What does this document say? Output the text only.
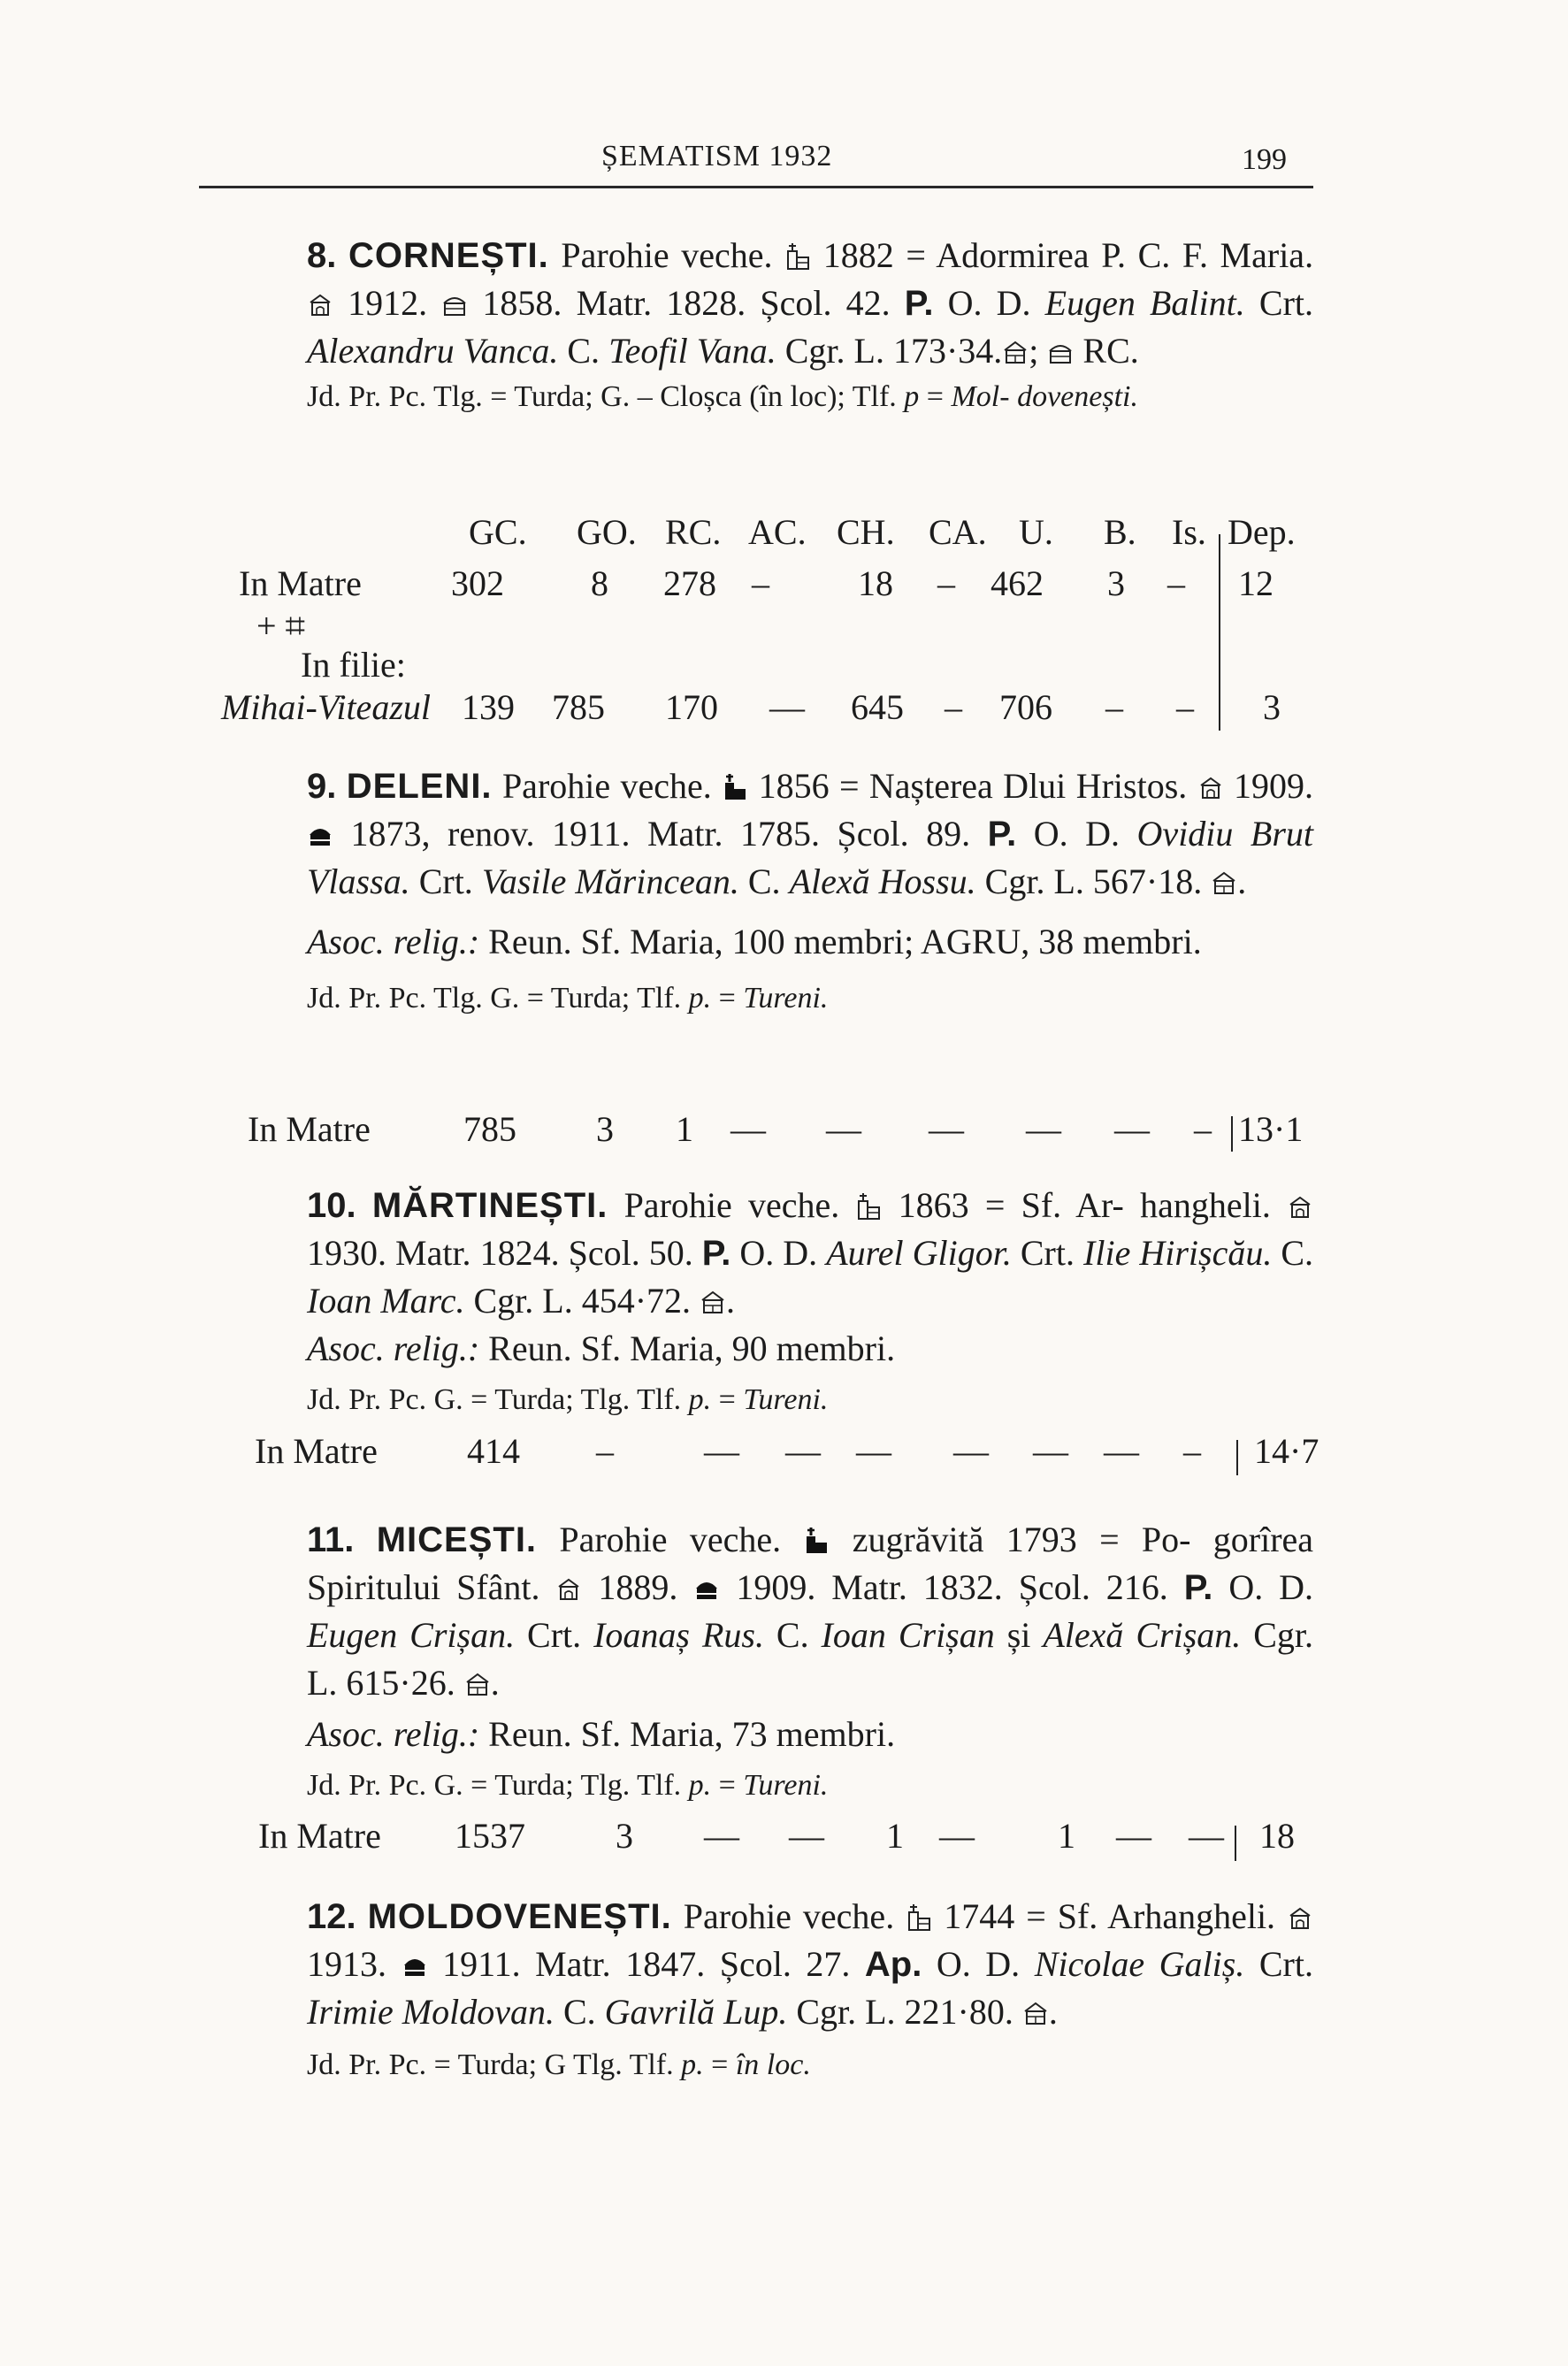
ȘEMATISM 1932	199

8. CORNEȘTI. Parohie veche. 1882 = Adormirea P. C. F. Maria.  1912. 1858. Matr. 1828. Școl. 42. P. O. D. Eugen Balint. Crt. Alexandru Vanca. C. Teofil Vana. Cgr. L. 173·34. ; RC.

Jd. Pr. Pc. Tlg. = Turda; G. – Cloșca (în loc); Tlf. p = Mol- dovenești.

GC. GO. RC. AC. CH. CA. U. B. Is. Dep.
In Matre	302 8 278 –	18 – 462 3 – 12
+ ⌗
In filie:
Mihai-Viteazul 139 785 170 — 645 – 706 – – 3

9. DELENI. Parohie veche. 1856 = Nașterea Dlui Hristos. 1909.  1873, renov. 1911. Matr. 1785. Școl. 89. P. O. D. Ovidiu Brut Vlassa. Crt. Vasile Mărincean. C. Alexă Hossu. Cgr. L. 567·18. .

Asoc. relig.: Reun. Sf. Maria, 100 membri; AGRU, 38 membri.

Jd. Pr. Pc. Tlg. G. = Turda; Tlf. p. = Tureni.

In Matre	785 3 1 — — — — — – 13·1

10. MĂRTINEȘTI. Parohie veche. 1863 = Sf. Ar- hangheli.  1930. Matr. 1824. Școl. 50. P. O. D. Aurel Gligor. Crt. Ilie Hirișcău. C. Ioan Marc. Cgr. L. 454·72. .

Asoc. relig.: Reun. Sf. Maria, 90 membri.

Jd. Pr. Pc. G. = Turda; Tlg. Tlf. p. = Tureni.

In Matre	414 –	— — — — — — – 14·7

11. MICEȘTI. Parohie veche. zugrăvită 1793 = Po- gorîrea Spiritului Sfânt. 1889. 1909. Matr. 1832. Școl. 216. P. O. D. Eugen Crișan. Crt. Ioanaș Rus. C. Ioan Crișan și Alexă Crișan. Cgr. L. 615·26. .

Asoc. relig.: Reun. Sf. Maria, 73 membri.

Jd. Pr. Pc. G. = Turda; Tlg. Tlf. p. = Tureni.

In Matre 1537	3 — — 1 — 1 — — 18

12. MOLDOVENEȘTI. Parohie veche. 1744 = Sf. Arhangheli.  1913. 1911. Matr. 1847. Școl. 27. Ap. O. D. Nicolae Galiș. Crt. Irimie Moldovan. C. Gavrilă Lup. Cgr. L. 221·80. .

Jd. Pr. Pc. = Turda; G Tlg. Tlf. p. = în loc.
